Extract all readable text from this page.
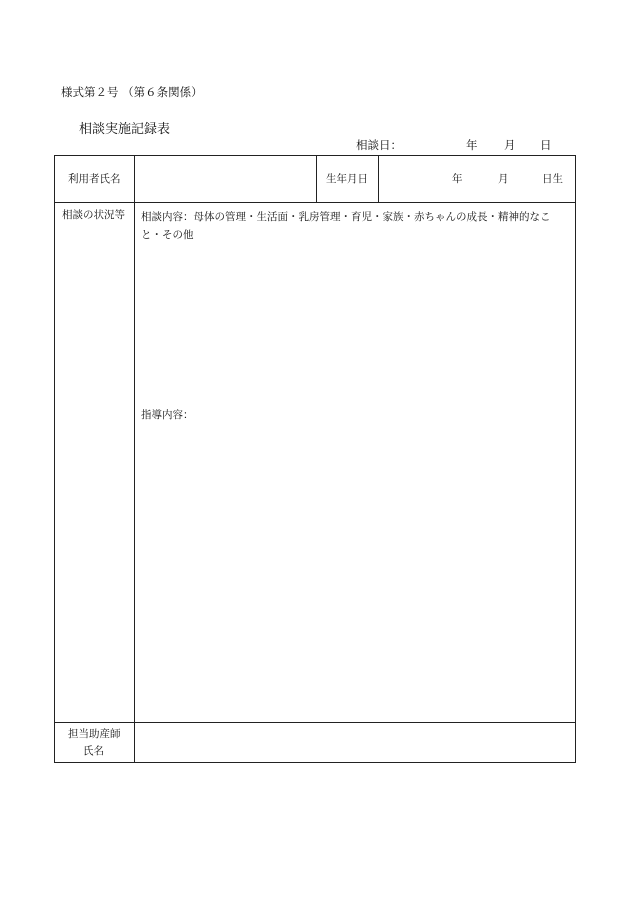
様式第２号 （第６条関係）
相談実施記録表
相談日：	年 月 日
利用者氏名	生年月日	年	月	日生
相談の状況等 相談内容：母体の管理・生活面・乳房管理・育児・家族・赤ちゃんの成長・精神的なこと・その他
指導内容：
担当助産師
氏名
